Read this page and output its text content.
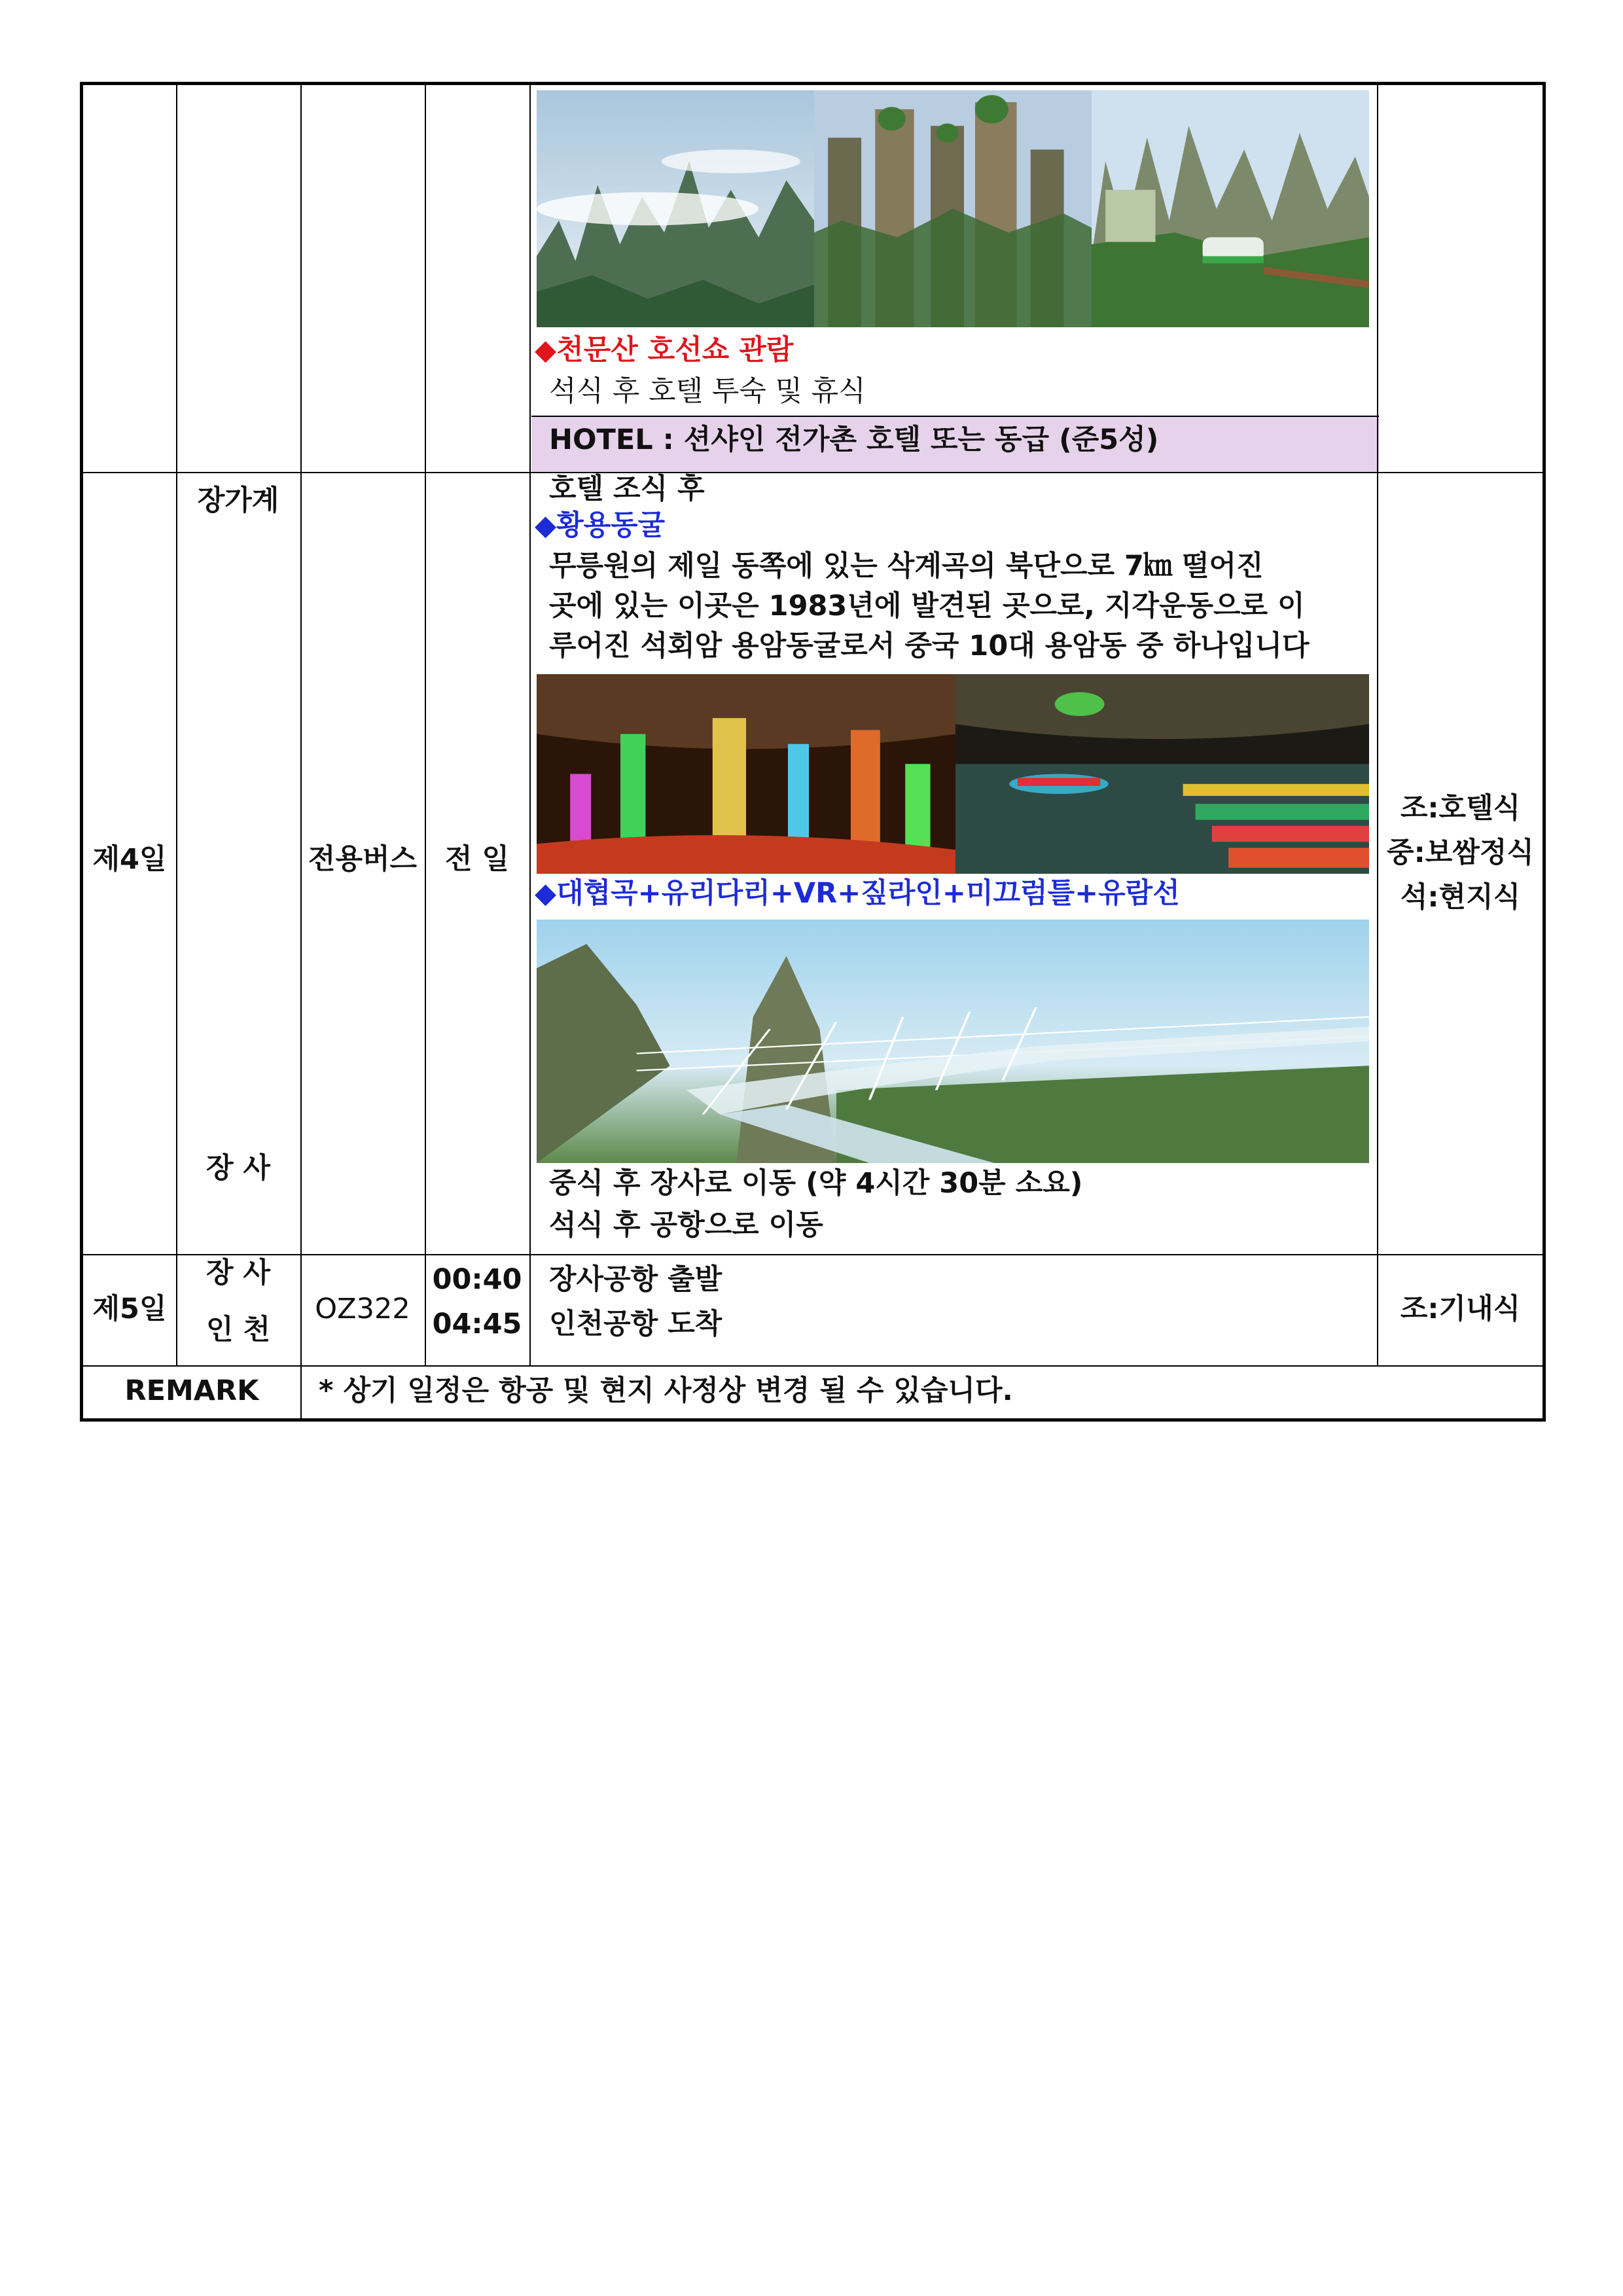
◆천문산 호선쇼 관람
석식 후 호텔 투숙 및 휴식
HOTEL : 션샤인 전가촌 호텔 또는 동급 (준5성)
제4일
장가계
장 사
전용버스 전 일
호텔 조식 후
◆황용동굴
무릉원의 제일 동쪽에 있는 삭계곡의 북단으로 7㎞ 떨어진
곳에 있는 이곳은 1983년에 발견된 곳으로, 지각운동으로 이
루어진 석회암 용암동굴로서 중국 10대 용암동 중 하나입니다
◆대협곡+유리다리+VR+짚라인+미끄럼틀+유람선
중식 후 장사로 이동 (약 4시간 30분 소요)
석식 후 공항으로 이동
조:호텔식
중:보쌈정식
석:현지식
제5일
장 사
인 천
OZ322
00:40
04:45
장사공항 출발
인천공항 도착	조:기내식
REMARK	* 상기 일정은 항공 및 현지 사정상 변경 될 수 있습니다.
